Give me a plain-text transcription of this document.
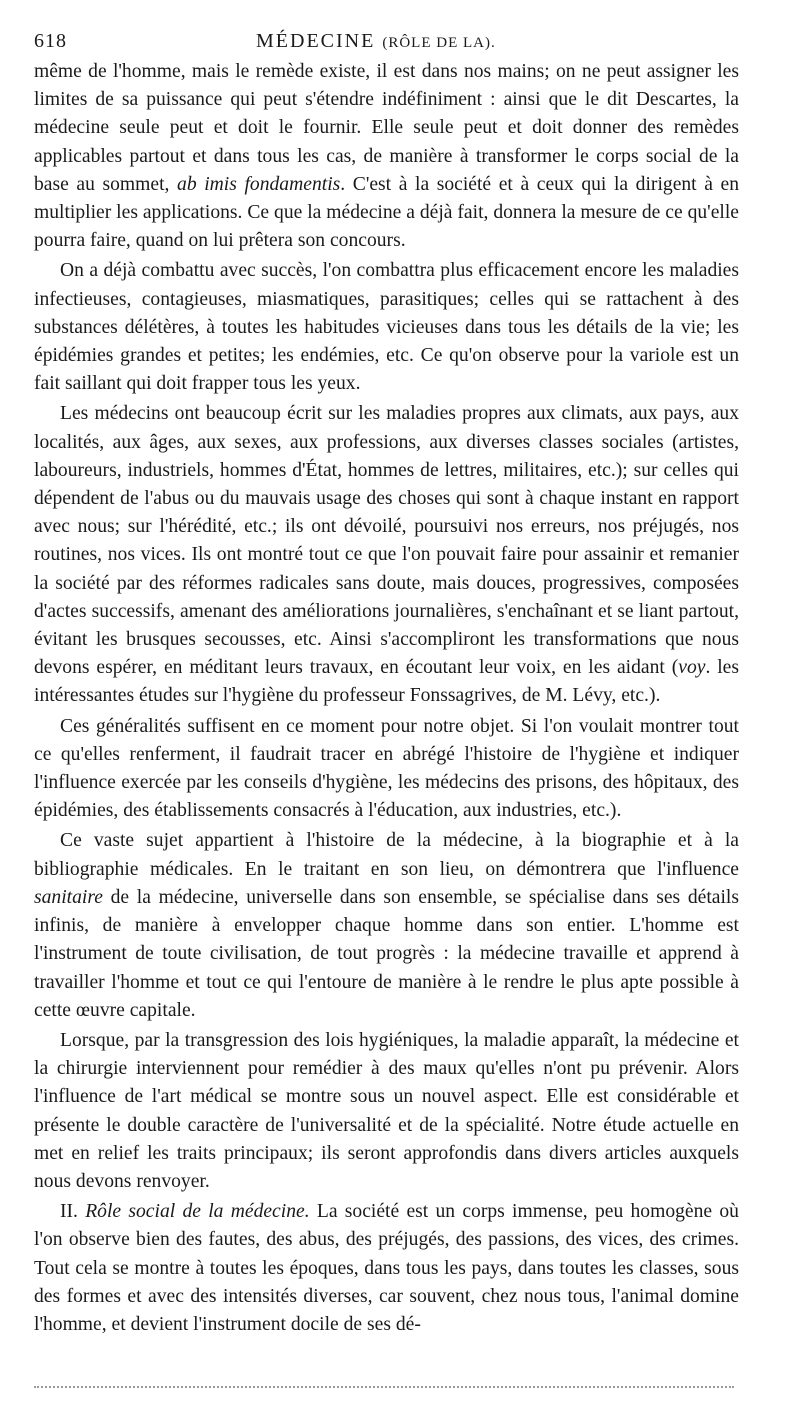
618	MÉDECINE (RÔLE DE LA).

même de l'homme, mais le remède existe, il est dans nos mains; on ne peut assigner les limites de sa puissance qui peut s'étendre indéfiniment : ainsi que le dit Descartes, la médecine seule peut et doit le fournir. Elle seule peut et doit donner des remèdes applicables partout et dans tous les cas, de manière à transformer le corps social de la base au sommet, ab imis fondamentis. C'est à la société et à ceux qui la dirigent à en multiplier les applications. Ce que la médecine a déjà fait, donnera la mesure de ce qu'elle pourra faire, quand on lui prêtera son concours.

On a déjà combattu avec succès, l'on combattra plus efficacement encore les maladies infectieuses, contagieuses, miasmatiques, parasitiques; celles qui se rattachent à des substances délétères, à toutes les habitudes vicieuses dans tous les détails de la vie; les épidémies grandes et petites; les endémies, etc. Ce qu'on observe pour la variole est un fait saillant qui doit frapper tous les yeux.

Les médecins ont beaucoup écrit sur les maladies propres aux climats, aux pays, aux localités, aux âges, aux sexes, aux professions, aux diverses classes sociales (artistes, laboureurs, industriels, hommes d'État, hommes de lettres, militaires, etc.); sur celles qui dépendent de l'abus ou du mauvais usage des choses qui sont à chaque instant en rapport avec nous; sur l'hérédité, etc.; ils ont dévoilé, poursuivi nos erreurs, nos préjugés, nos routines, nos vices. Ils ont montré tout ce que l'on pouvait faire pour assainir et remanier la société par des réformes radicales sans doute, mais douces, progressives, composées d'actes successifs, amenant des améliorations journalières, s'enchaînant et se liant partout, évitant les brusques secousses, etc. Ainsi s'accompliront les transformations que nous devons espérer, en méditant leurs travaux, en écoutant leur voix, en les aidant (voy. les intéressantes études sur l'hygiène du professeur Fonssagrives, de M. Lévy, etc.).

Ces généralités suffisent en ce moment pour notre objet. Si l'on voulait montrer tout ce qu'elles renferment, il faudrait tracer en abrégé l'histoire de l'hygiène et indiquer l'influence exercée par les conseils d'hygiène, les médecins des prisons, des hôpitaux, des épidémies, des établissements consacrés à l'éducation, aux industries, etc.).

Ce vaste sujet appartient à l'histoire de la médecine, à la biographie et à la bibliographie médicales. En le traitant en son lieu, on démontrera que l'influence sanitaire de la médecine, universelle dans son ensemble, se spécialise dans ses détails infinis, de manière à envelopper chaque homme dans son entier. L'homme est l'instrument de toute civilisation, de tout progrès : la médecine travaille et apprend à travailler l'homme et tout ce qui l'entoure de manière à le rendre le plus apte possible à cette œuvre capitale.

Lorsque, par la transgression des lois hygiéniques, la maladie apparaît, la médecine et la chirurgie interviennent pour remédier à des maux qu'elles n'ont pu prévenir. Alors l'influence de l'art médical se montre sous un nouvel aspect. Elle est considérable et présente le double caractère de l'universalité et de la spécialité. Notre étude actuelle en met en relief les traits principaux; ils seront approfondis dans divers articles auxquels nous devons renvoyer.

II. Rôle social de la médecine. La société est un corps immense, peu homogène où l'on observe bien des fautes, des abus, des préjugés, des passions, des vices, des crimes. Tout cela se montre à toutes les époques, dans tous les pays, dans toutes les classes, sous des formes et avec des intensités diverses, car souvent, chez nous tous, l'animal domine l'homme, et devient l'instrument docile de ses dé-
